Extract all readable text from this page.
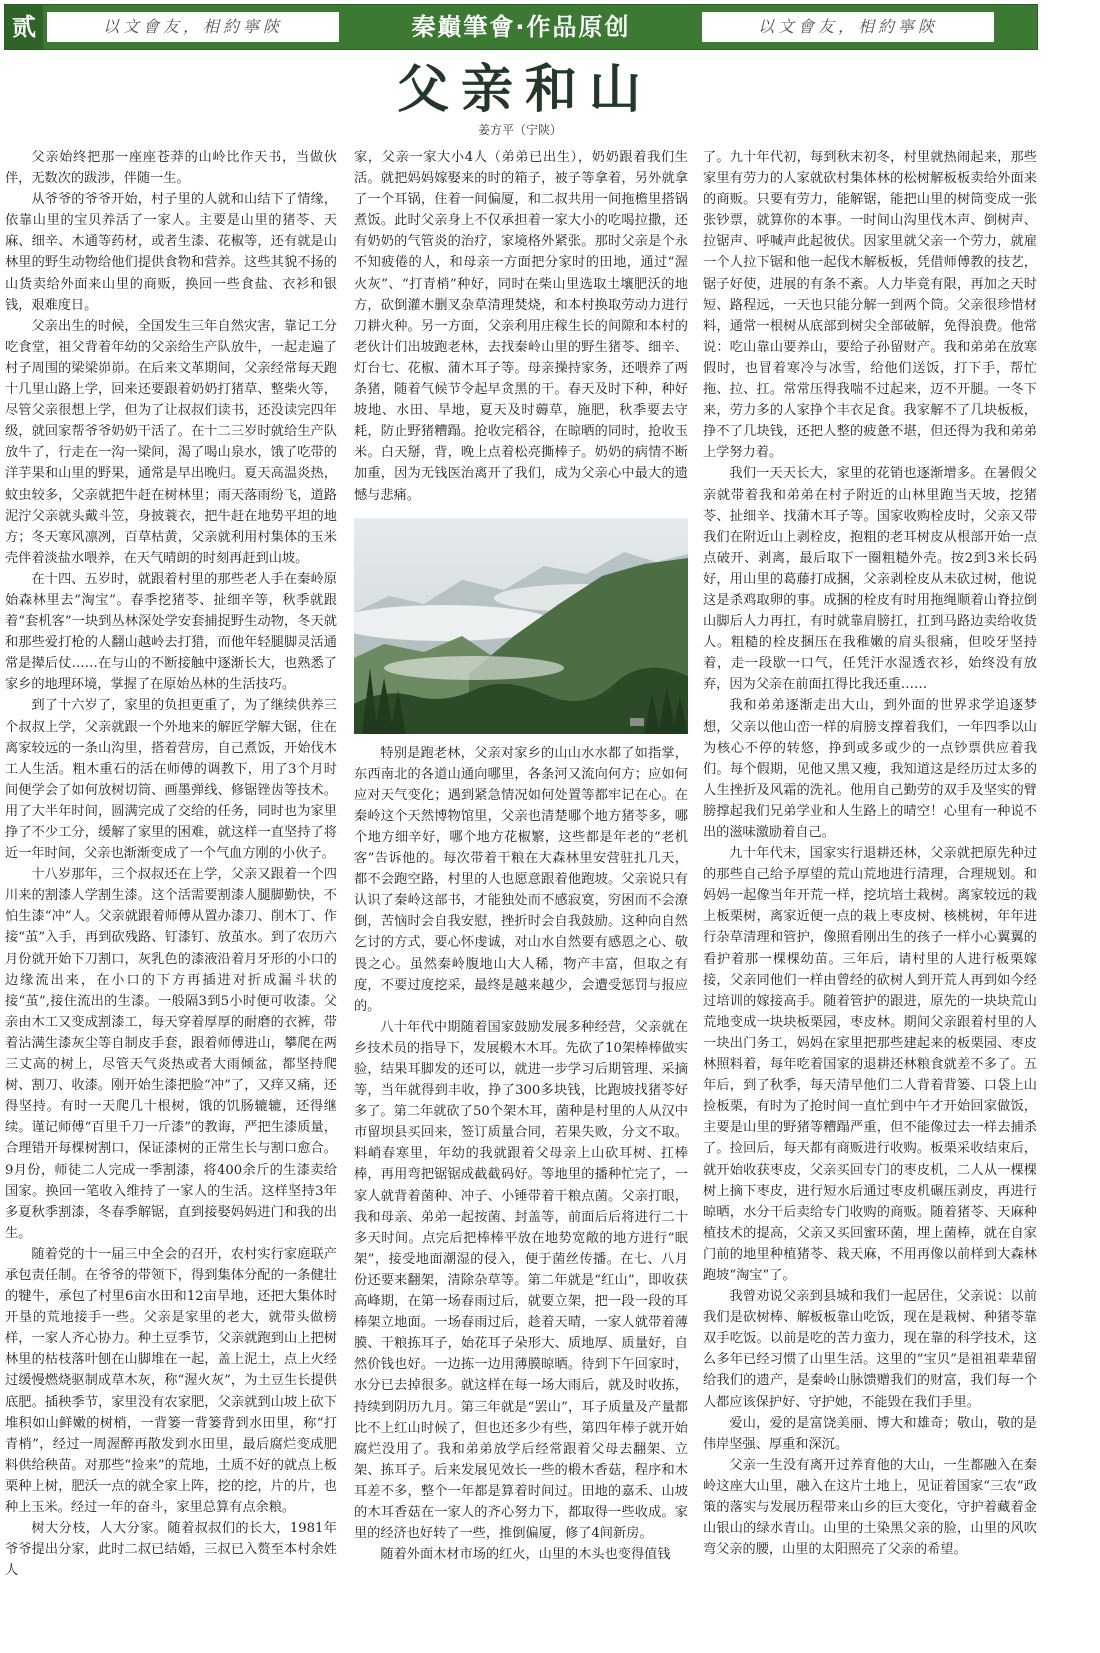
贰	以文會友，相約寧陝	秦巔筆會·作品原创	以文會友，相約寧陝
父亲和山
姜方平（宁陕）

父亲始终把那一座座苍莽的山岭比作天书，当做伙伴，无数次的跋涉，伴随一生。

从爷爷的爷爷开始，村子里的人就和山结下了情缘，依靠山里的宝贝养活了一家人。主要是山里的猪苓、天麻、细辛、木通等药材，或者生漆、花椒等，还有就是山林里的野生动物给他们提供食物和营养。这些其貌不扬的山货卖给外面来山里的商贩，换回一些食盐、衣衫和银钱，艰难度日。

父亲出生的时候，全国发生三年自然灾害，靠记工分吃食堂，祖父背着年幼的父亲给生产队放牛，一起走遍了村子周围的梁梁峁峁。在后来文革期间，父亲经常每天跑十几里山路上学，回来还要跟着奶奶打猪草、整柴火等，尽管父亲很想上学，但为了让叔叔们读书，还没读完四年级，就回家帮爷爷奶奶干活了。在十二三岁时就给生产队放牛了，行走在一沟一梁间，渴了喝山泉水，饿了吃带的洋芋果和山里的野果，通常是早出晚归。夏天高温炎热，蚊虫较多，父亲就把牛赶在树林里；雨天落雨纷飞，道路泥泞父亲就头戴斗笠，身披蓑衣，把牛赶在地势平坦的地方；冬天寒风凛冽，百草枯黄，父亲就利用村集体的玉米壳伴着淡盐水喂养，在天气晴朗的时刻再赶到山坡。

在十四、五岁时，就跟着村里的那些老人手在秦岭原始森林里去“淘宝”。春季挖猪苓、扯细辛等，秋季就跟着“套机客”一块到丛林深处学安套捕捉野生动物，冬天就和那些爱打枪的人翻山越岭去打猎，而他年轻腿脚灵活通常是撵后仗……在与山的不断接触中逐渐长大，也熟悉了家乡的地理环境，掌握了在原始丛林的生活技巧。

到了十六岁了，家里的负担更重了，为了继续供养三个叔叔上学，父亲就跟一个外地来的解匠学解大锯，住在离家较远的一条山沟里，搭着营房，自己煮饭，开始伐木工人生活。粗木重石的活在师傅的调教下，用了3个月时间便学会了如何放树切筒、画墨弹线、修锯锉齿等技术。用了大半年时间，圆满完成了交给的任务，同时也为家里挣了不少工分，缓解了家里的困难，就这样一直坚持了将近一年时间，父亲也渐渐变成了一个气血方刚的小伙子。

十八岁那年，三个叔叔还在上学，父亲又跟着一个四川来的割漆人学割生漆。这个活需要割漆人腿脚勤快，不怕生漆“冲”人。父亲就跟着师傅从置办漆刀、削木丁、作接“茧”入手，再到砍残路、钉漆钉、放茧水。到了农历六月份就开始下刀割口，灰乳色的漆液沿着月牙形的小口的边缘流出来，在小口的下方再插进对折成漏斗状的接“茧”,接住流出的生漆。一般隔3到5小时便可收漆。父亲由木工又变成割漆工，每天穿着厚厚的耐磨的衣裤，带着沾满生漆灰尘等自制皮手套，跟着师傅进山，攀爬在两三丈高的树上，尽管天气炎热或者大雨倾盆，都坚持爬树、割刀、收漆。刚开始生漆把脸“冲”了，又痒又痛，还得坚持。有时一天爬几十根树，饿的饥肠辘辘，还得继续。谨记师傅“百里千刀一斤漆”的教诲，严把生漆质量，合理错开每棵树割口，保证漆树的正常生长与割口愈合。9月份，师徒二人完成一季割漆，将400余斤的生漆卖给国家。换回一笔收入维持了一家人的生活。这样坚持3年多夏秋季割漆，冬春季解锯，直到接娶妈妈进门和我的出生。

随着党的十一届三中全会的召开，农村实行家庭联产承包责任制。在爷爷的带领下，得到集体分配的一条健壮的犍牛，承包了村里6亩水田和12亩旱地，还把大集体时开垦的荒地接手一些。父亲是家里的老大，就带头做榜样，一家人齐心协力。种土豆季节，父亲就跑到山上把树林里的枯枝落叶刨在山脚堆在一起，盖上泥土，点上火经过缓慢燃烧驱制成草木灰，称“渥火灰”，为土豆生长提供底肥。插秧季节，家里没有农家肥，父亲就到山坡上砍下堆积如山鲜嫩的树梢，一背篓一背篓背到水田里，称“打青梢”，经过一周渥醉再散发到水田里，最后腐烂变成肥料供给秧苗。对那些“捡来”的荒地，土质不好的就点上板栗种上树，肥沃一点的就全家上阵，挖的挖，片的片，也种上玉米。经过一年的奋斗，家里总算有点余粮。

树大分枝，人大分家。随着叔叔们的长大，1981年爷爷提出分家，此时二叔已结婚，三叔已入赘至本村余姓人

家，父亲一家大小4人（弟弟已出生），奶奶跟着我们生活。就把妈妈嫁娶来的时的箱子，被子等拿着，另外就拿了一个耳锅，住着一间偏厦，和二叔共用一间拖檐里搭锅煮饭。此时父亲身上不仅承担着一家大小的吃喝拉撒，还有奶奶的气管炎的治疗，家境格外紧张。那时父亲是个永不知疲倦的人，和母亲一方面把分家时的田地，通过“渥火灰”、“打青梢”种好，同时在柴山里选取土壤肥沃的地方，砍倒灌木删叉杂草清理焚烧，和本村换取劳动力进行刀耕火种。另一方面，父亲利用庄稼生长的间隙和本村的老伙计们出坡跑老林，去找秦岭山里的野生猪苓、细辛、灯台七、花椒、蒲木耳子等。母亲操持家务，还喂养了两条猪，随着气候节令起早贪黑的干。春天及时下种，种好坡地、水田、旱地，夏天及时薅草，施肥，秋季要去守耗，防止野猪糟蹋。抢收完稻谷，在晾晒的同时，抢收玉米。白天掰，背，晚上点着松亮撕棒子。奶奶的病情不断加重，因为无钱医治离开了我们，成为父亲心中最大的遗憾与悲痛。

特别是跑老林，父亲对家乡的山山水水都了如指掌，东西南北的各道山通向哪里，各条河又流向何方；应如何应对天气变化；遇到紧急情况如何处置等都牢记在心。在秦岭这个天然博物馆里，父亲也清楚哪个地方猪苓多，哪个地方细辛好，哪个地方花椒繁，这些都是年老的“老机客”告诉他的。每次带着干粮在大森林里安营驻扎几天，都不会跑空路，村里的人也愿意跟着他跑坡。父亲说只有认识了秦岭这部书，才能独处而不感寂寞，穷困而不会潦倒，苦恼时会自我安慰，挫折时会自我鼓励。这种向自然乞讨的方式，要心怀虔诚，对山水自然要有感恩之心、敬畏之心。虽然秦岭腹地山大人稀，物产丰富，但取之有度，不要过度挖采，最终是越来越少，会遭受惩罚与报应的。

八十年代中期随着国家鼓励发展多种经营，父亲就在乡技术员的指导下，发展椴木木耳。先砍了10架棒棒做实验，结果耳脚发的还可以，就进一步学习后期管理、采摘等，当年就得到丰收，挣了300多块钱，比跑坡找猪苓好多了。第二年就砍了50个架木耳，菌种是村里的人从汉中市留坝县买回来，签订质量合同，若果失败，分文不取。料峭春寒里，年幼的我就跟着父母亲上山砍耳树、扛棒棒，再用弯把锯锯成截截码好。等地里的播种忙完了，一家人就背着菌种、冲子、小锤带着干粮点菌。父亲打眼，我和母亲、弟弟一起按菌、封盖等，前面后后将进行二十多天时间。点完后把棒棒平放在地势宽敞的地方进行“眠架”，接受地面潮湿的侵入，便于菌丝传播。在七、八月份还要来翻架，清除杂草等。第二年就是“红山”，即收获高峰期，在第一场春雨过后，就要立架，把一段一段的耳棒架立地面。一场春雨过后，趁着天晴，一家人就带着薄膜、干粮拣耳子，始花耳子朵形大、质地厚、质量好，自然价钱也好。一边拣一边用薄膜晾晒。待到下午回家时，水分已去掉很多。就这样在每一场大雨后，就及时收拣，持续到阴历九月。第三年就是“罢山”，耳子质量及产量都比不上红山时候了，但也还多少有些，第四年棒子就开始腐烂没用了。我和弟弟放学后经常跟着父母去翻架、立架、拣耳子。后来发展见效长一些的椴木香菇，程序和木耳差不多，整个一年都是算着时间过。田地的嘉禾、山坡的木耳香菇在一家人的齐心努力下，都取得一些收成。家里的经济也好转了一些，推倒偏厦，修了4间新房。

随着外面木材市场的红火，山里的木头也变得值钱

了。九十年代初，每到秋末初冬，村里就热闹起来，那些家里有劳力的人家就砍村集体林的松树解板板卖给外面来的商贩。只要有劳力，能解锯，能把山里的树筒变成一张张钞票，就算你的本事。一时间山沟里伐木声、倒树声、拉锯声、呼喊声此起彼伏。因家里就父亲一个劳力，就雇一个人拉下锯和他一起伐木解板板，凭借师傅教的技艺，锯子好使，进展的有条不紊。人力毕竟有限，再加之天时短、路程远，一天也只能分解一到两个筒。父亲很珍惜材料，通常一根树从底部到树尖全部破解，免得浪费。他常说：吃山靠山要养山，要给子孙留财产。我和弟弟在放寒假时，也冒着寒冷与冰雪，给他们送饭，打下手，帮忙拖、拉、扛。常常压得我喘不过起来，迈不开腿。一冬下来，劳力多的人家挣个丰衣足食。我家解不了几块板板，挣不了几块钱，还把人整的疲惫不堪，但还得为我和弟弟上学努力着。

我们一天天长大，家里的花销也逐渐增多。在暑假父亲就带着我和弟弟在村子附近的山林里跑当天坡，挖猪苓、扯细辛、找蒲木耳子等。国家收购栓皮时，父亲又带我们在附近山上剥栓皮，抱粗的老耳树皮从根部开始一点点破开、剥离，最后取下一圈粗糙外壳。按2到3米长码好，用山里的葛藤打成捆，父亲剥栓皮从未砍过树，他说这是杀鸡取卵的事。成捆的栓皮有时用拖绳顺着山脊拉倒山脚后人力再扛，有时就靠肩膀扛，扛到马路边卖给收货人。粗糙的栓皮捆压在我稚嫩的肩头很痛，但咬牙坚持着，走一段歇一口气，任凭汗水湿透衣衫，始终没有放弃，因为父亲在前面扛得比我还重……

我和弟弟逐渐走出大山，到外面的世界求学追逐梦想，父亲以他山峦一样的肩膀支撑着我们，一年四季以山为核心不停的转悠，挣到或多或少的一点钞票供应着我们。每个假期，见他又黑又瘦，我知道这是经历过太多的人生挫折及风霜的洗礼。他用自己勤劳的双手及坚实的臂膀撑起我们兄弟学业和人生路上的晴空！心里有一种说不出的滋味激励着自己。

九十年代末，国家实行退耕还林，父亲就把原先种过的那些自己给予厚望的荒山荒地进行清理，合理规划。和妈妈一起像当年开荒一样，挖坑培土栽树。离家较远的栽上板栗树，离家近便一点的栽上枣皮树、核桃树，年年进行杂草清理和管护，像照看刚出生的孩子一样小心翼翼的看护着那一棵棵幼苗。三年后，请村里的人进行板栗嫁接，父亲同他们一样由曾经的砍树人到开荒人再到如今经过培训的嫁接高手。随着管护的跟进，原先的一块块荒山荒地变成一块块板栗园，枣皮林。期间父亲跟着村里的人一块出门务工，妈妈在家里把那些建起来的板栗园、枣皮林照料着，每年吃着国家的退耕还林粮食就差不多了。五年后，到了秋季，每天清早他们二人背着背篓、口袋上山捡板栗，有时为了抢时间一直忙到中午才开始回家做饭，主要是山里的野猪等糟蹋严重，但不能像过去一样去捕杀了。捡回后，每天都有商贩进行收购。板栗采收结束后，就开始收获枣皮，父亲买回专门的枣皮机，二人从一棵棵树上摘下枣皮，进行短水后通过枣皮机碾压剥皮，再进行晾晒，水分干后卖给专门收购的商贩。随着猪苓、天麻种植技术的提高，父亲又买回蜜环菌，埋上菌棒，就在自家门前的地里种植猪苓、栽天麻，不用再像以前样到大森林跑坡“淘宝”了。

我曾劝说父亲到县城和我们一起居住，父亲说：以前我们是砍树棒、解板板靠山吃饭，现在是栽树、种猪苓靠双手吃饭。以前是吃的苦力蛮力，现在靠的科学技术，这么多年已经习惯了山里生活。这里的“宝贝”是祖祖辈辈留给我们的遗产，是秦岭山脉馈赠我们的财富，我们每一个人都应该保护好、守护她，不能毁在我们手里。

爱山，爱的是富饶美丽、博大和雄奇；敬山，敬的是伟岸坚强、厚重和深沉。

父亲一生没有离开过养育他的大山，一生都融入在秦岭这座大山里，融入在这片土地上，见证着国家“三农”政策的落实与发展历程带来山乡的巨大变化，守护着藏着金山银山的绿水青山。山里的土染黑父亲的脸，山里的风吹弯父亲的腰，山里的太阳照亮了父亲的希望。
